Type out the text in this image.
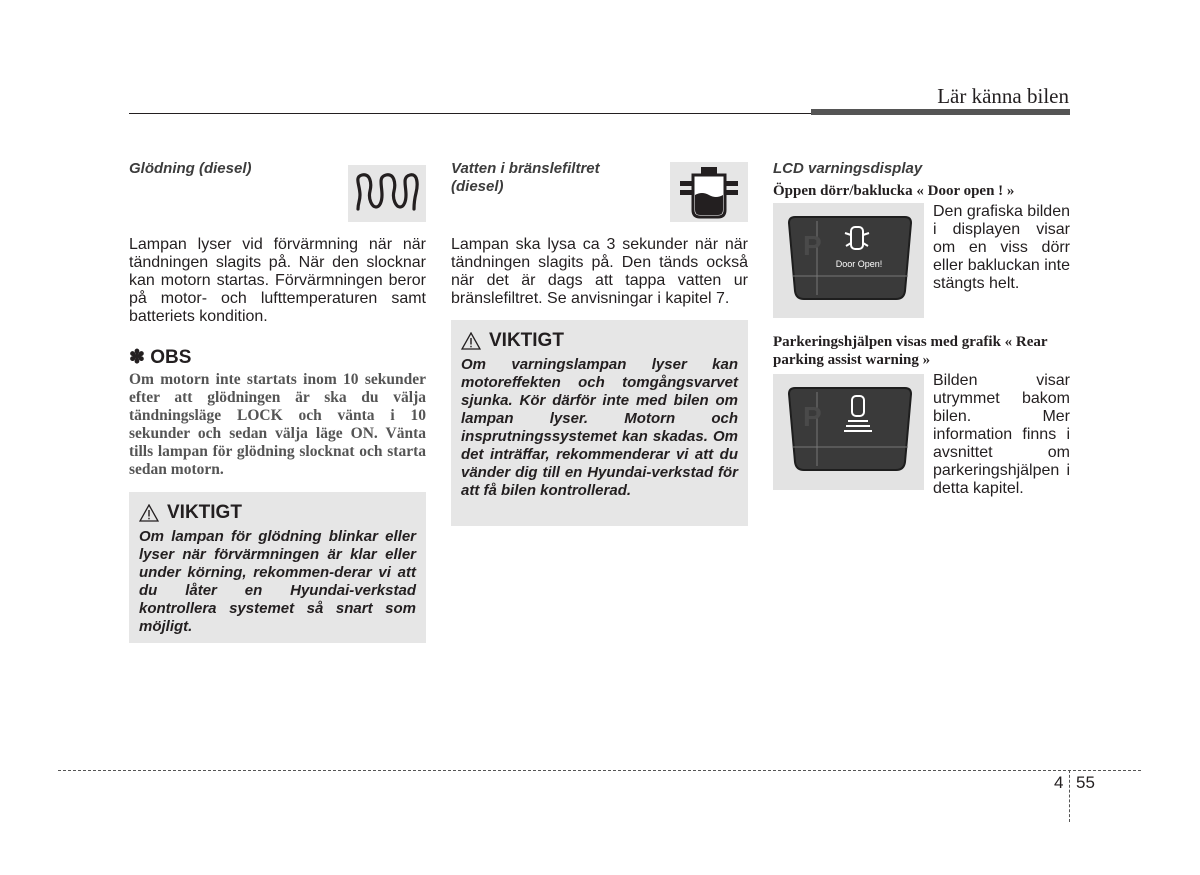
Lär känna bilen
Glödning (diesel)
Lampan lyser vid förvärmning när när tändningen slagits på. När den slocknar kan motorn startas. Förvärmningen beror på motor- och lufttemperaturen samt batteriets kondition.
✽ OBS
Om motorn inte startats inom 10 sekunder efter att glödningen är ska du välja tändningsläge LOCK och vänta i 10 sekunder och sedan välja läge ON. Vänta tills lampan för glödning slocknat och starta sedan motorn.
VIKTIGT
Om lampan för glödning blinkar eller lyser när förvärmningen är klar eller under körning, rekommen-derar vi att du låter en Hyundai-verkstad kontrollera systemet så snart som möjligt.
Vatten i bränslefiltret (diesel)
Lampan ska lysa ca 3 sekunder när när tändningen slagits på. Den tänds också när det är dags att tappa vatten ur bränslefiltret. Se anvisningar i kapitel 7.
VIKTIGT
Om varningslampan lyser kan motoreffekten och tomgångsvarvet sjunka. Kör därför inte med bilen om lampan lyser. Motorn och insprutningssystemet kan skadas. Om det inträffar, rekommenderar vi att du vänder dig till en Hyundai-verkstad för att få bilen kontrollerad.
LCD varningsdisplay
Öppen dörr/baklucka « Door open ! »
P
Door Open!
Den grafiska bilden i displayen visar om en viss dörr eller bakluckan inte stängts helt.
Parkeringshjälpen visas med grafik « Rear parking assist warning »
P
Bilden visar utrymmet bakom bilen. Mer information finns i avsnittet om parkeringshjälpen i detta kapitel.
4 55
